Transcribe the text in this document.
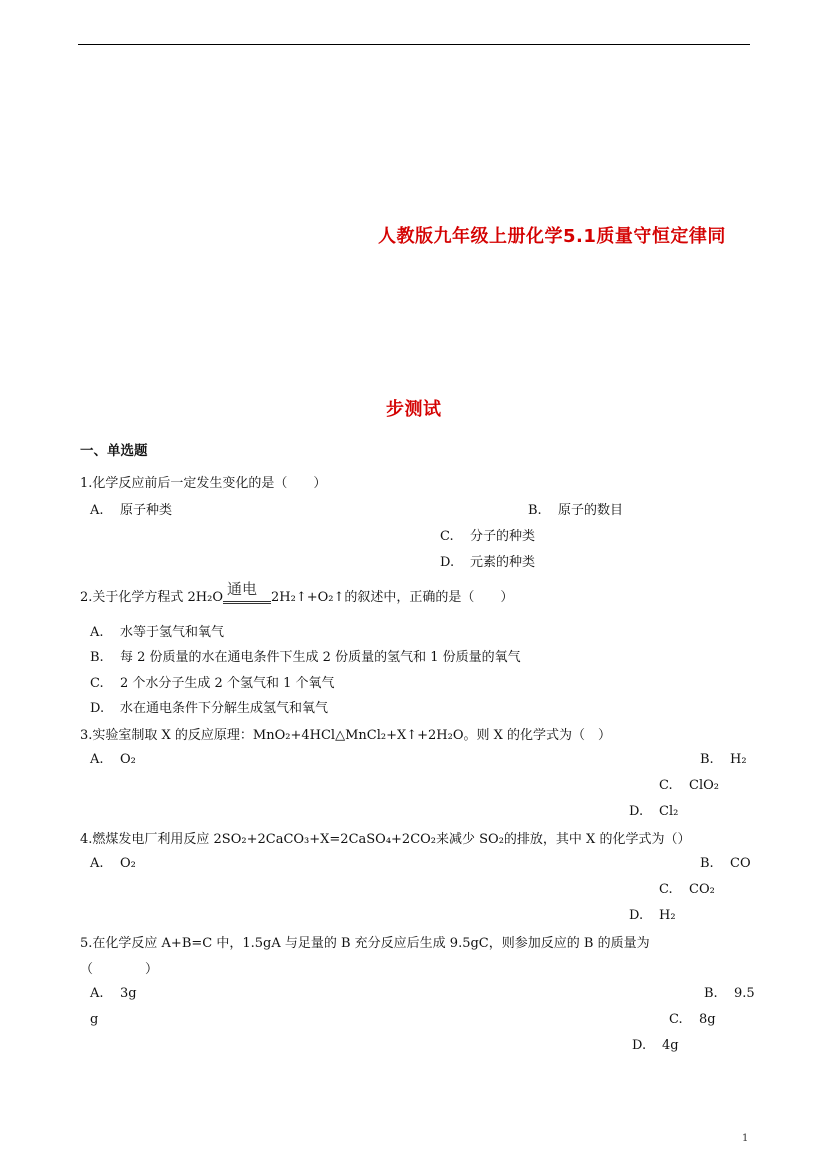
人教版九年级上册化学5.1质量守恒定律同
步测试
一、单选题
1.化学反应前后一定发生变化的是（　　）
A. 原子种类	B. 原子的数目
C. 分子的种类
D. 元素的种类
2.关于化学方程式 2H₂O 通电 2H₂↑+O₂↑的叙述中，正确的是（　　）
A. 水等于氢气和氧气
B. 每 2 份质量的水在通电条件下生成 2 份质量的氢气和 1 份质量的氧气
C. 2 个水分子生成 2 个氢气和 1 个氧气
D. 水在通电条件下分解生成氢气和氧气
3.实验室制取 X 的反应原理：MnO₂+4HCl△MnCl₂+X↑+2H₂O。则 X 的化学式为（　）
A. O₂	B. H₂
C. ClO₂
D. Cl₂
4.燃煤发电厂利用反应 2SO₂+2CaCO₃+X=2CaSO₄+2CO₂来减少 SO₂的排放，其中 X 的化学式为（）
A. O₂	B. CO
C. CO₂
D. H₂
5.在化学反应 A+B=C 中，1.5gA 与足量的 B 充分反应后生成 9.5gC，则参加反应的 B 的质量为
（　　　　）
A. 3g	B. 9.5
g	C. 8g
D. 4g
1
